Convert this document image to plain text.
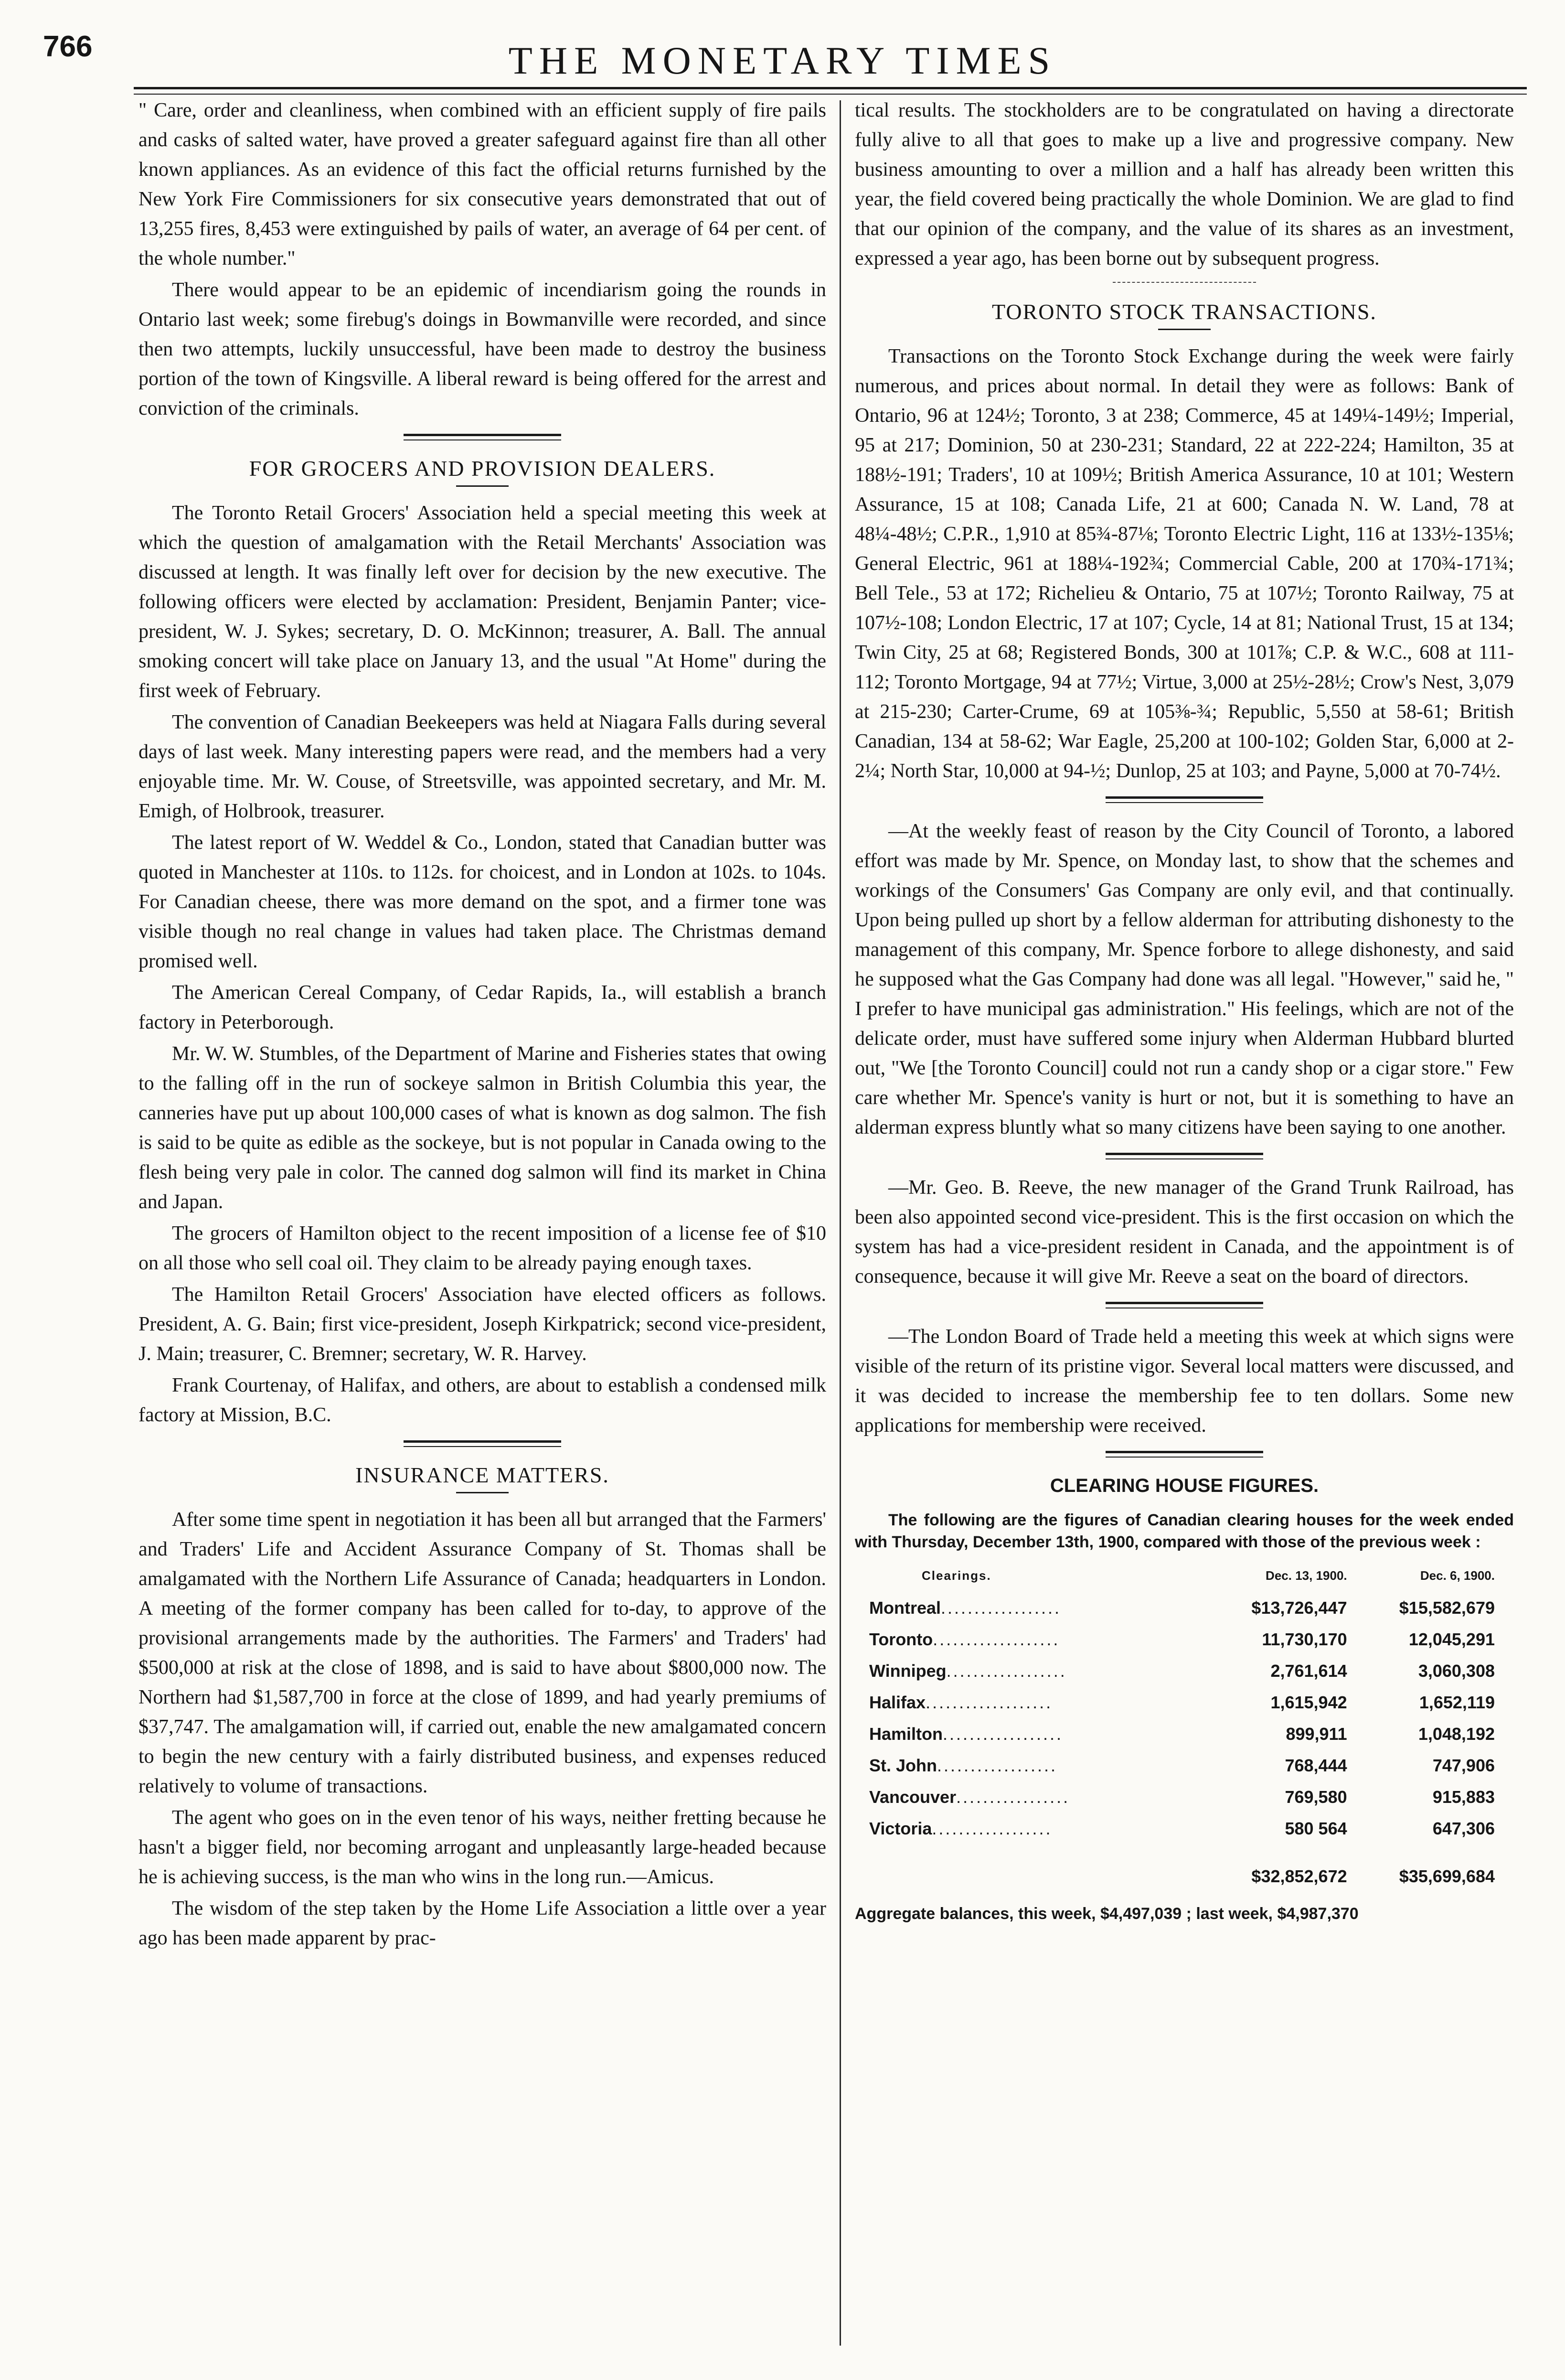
766	THE MONETARY TIMES

" Care, order and cleanliness, when combined with an efficient supply of fire pails and casks of salted water, have proved a greater safeguard against fire than all other known appliances. As an evidence of this fact the official returns furnished by the New York Fire Commissioners for six consecutive years demonstrated that out of 13,255 fires, 8,453 were extinguished by pails of water, an average of 64 per cent. of the whole number."

There would appear to be an epidemic of incendiarism going the rounds in Ontario last week; some firebug's doings in Bowmanville were recorded, and since then two attempts, luckily unsuccessful, have been made to destroy the business portion of the town of Kingsville. A liberal reward is being offered for the arrest and conviction of the criminals.

FOR GROCERS AND PROVISION DEALERS.

The Toronto Retail Grocers' Association held a special meeting this week at which the question of amalgamation with the Retail Merchants' Association was discussed at length. It was finally left over for decision by the new executive. The following officers were elected by acclamation: President, Benjamin Panter; vice-president, W. J. Sykes; secretary, D. O. McKinnon; treasurer, A. Ball. The annual smoking concert will take place on January 13, and the usual "At Home" during the first week of February.

The convention of Canadian Beekeepers was held at Niagara Falls during several days of last week. Many interesting papers were read, and the members had a very enjoyable time. Mr. W. Couse, of Streetsville, was appointed secretary, and Mr. M. Emigh, of Holbrook, treasurer.

The latest report of W. Weddel & Co., London, stated that Canadian butter was quoted in Manchester at 110s. to 112s. for choicest, and in London at 102s. to 104s. For Canadian cheese, there was more demand on the spot, and a firmer tone was visible though no real change in values had taken place. The Christmas demand promised well.

The American Cereal Company, of Cedar Rapids, Ia., will establish a branch factory in Peterborough.

Mr. W. W. Stumbles, of the Department of Marine and Fisheries states that owing to the falling off in the run of sockeye salmon in British Columbia this year, the canneries have put up about 100,000 cases of what is known as dog salmon. The fish is said to be quite as edible as the sockeye, but is not popular in Canada owing to the flesh being very pale in color. The canned dog salmon will find its market in China and Japan.

The grocers of Hamilton object to the recent imposition of a license fee of $10 on all those who sell coal oil. They claim to be already paying enough taxes.

The Hamilton Retail Grocers' Association have elected officers as follows. President, A. G. Bain; first vice-president, Joseph Kirkpatrick; second vice-president, J. Main; treasurer, C. Bremner; secretary, W. R. Harvey.

Frank Courtenay, of Halifax, and others, are about to establish a condensed milk factory at Mission, B.C.

INSURANCE MATTERS.

After some time spent in negotiation it has been all but arranged that the Farmers' and Traders' Life and Accident Assurance Company of St. Thomas shall be amalgamated with the Northern Life Assurance of Canada; headquarters in London. A meeting of the former company has been called for to-day, to approve of the provisional arrangements made by the authorities. The Farmers' and Traders' had $500,000 at risk at the close of 1898, and is said to have about $800,000 now. The Northern had $1,587,700 in force at the close of 1899, and had yearly premiums of $37,747. The amalgamation will, if carried out, enable the new amalgamated concern to begin the new century with a fairly distributed business, and expenses reduced relatively to volume of transactions.

The agent who goes on in the even tenor of his ways, neither fretting because he hasn't a bigger field, nor becoming arrogant and unpleasantly large-headed because he is achieving success, is the man who wins in the long run.—Amicus.

The wisdom of the step taken by the Home Life Association a little over a year ago has been made apparent by prac-

tical results. The stockholders are to be congratulated on having a directorate fully alive to all that goes to make up a live and progressive company. New business amounting to over a million and a half has already been written this year, the field covered being practically the whole Dominion. We are glad to find that our opinion of the company, and the value of its shares as an investment, expressed a year ago, has been borne out by subsequent progress.

TORONTO STOCK TRANSACTIONS.

Transactions on the Toronto Stock Exchange during the week were fairly numerous, and prices about normal. In detail they were as follows: Bank of Ontario, 96 at 124½; Toronto, 3 at 238; Commerce, 45 at 149¼-149½; Imperial, 95 at 217; Dominion, 50 at 230-231; Standard, 22 at 222-224; Hamilton, 35 at 188½-191; Traders', 10 at 109½; British America Assurance, 10 at 101; Western Assurance, 15 at 108; Canada Life, 21 at 600; Canada N. W. Land, 78 at 48¼-48½; C.P.R., 1,910 at 85¾-87⅛; Toronto Electric Light, 116 at 133½-135⅛; General Electric, 961 at 188¼-192¾; Commercial Cable, 200 at 170¾-171¾; Bell Tele., 53 at 172; Richelieu & Ontario, 75 at 107½; Toronto Railway, 75 at 107½-108; London Electric, 17 at 107; Cycle, 14 at 81; National Trust, 15 at 134; Twin City, 25 at 68; Registered Bonds, 300 at 101⅞; C.P. & W.C., 608 at 111-112; Toronto Mortgage, 94 at 77½; Virtue, 3,000 at 25½-28½; Crow's Nest, 3,079 at 215-230; Carter-Crume, 69 at 105⅜-¾; Republic, 5,550 at 58-61; British Canadian, 134 at 58-62; War Eagle, 25,200 at 100-102; Golden Star, 6,000 at 2-2¼; North Star, 10,000 at 94-½; Dunlop, 25 at 103; and Payne, 5,000 at 70-74½.

—At the weekly feast of reason by the City Council of Toronto, a labored effort was made by Mr. Spence, on Monday last, to show that the schemes and workings of the Consumers' Gas Company are only evil, and that continually. Upon being pulled up short by a fellow alderman for attributing dishonesty to the management of this company, Mr. Spence forbore to allege dishonesty, and said he supposed what the Gas Company had done was all legal. "However," said he, " I prefer to have municipal gas administration." His feelings, which are not of the delicate order, must have suffered some injury when Alderman Hubbard blurted out, "We [the Toronto Council] could not run a candy shop or a cigar store." Few care whether Mr. Spence's vanity is hurt or not, but it is something to have an alderman express bluntly what so many citizens have been saying to one another.

—Mr. Geo. B. Reeve, the new manager of the Grand Trunk Railroad, has been also appointed second vice-president. This is the first occasion on which the system has had a vice-president resident in Canada, and the appointment is of consequence, because it will give Mr. Reeve a seat on the board of directors.

—The London Board of Trade held a meeting this week at which signs were visible of the return of its pristine vigor. Several local matters were discussed, and it was decided to increase the membership fee to ten dollars. Some new applications for membership were received.

CLEARING HOUSE FIGURES.

The following are the figures of Canadian clearing houses for the week ended with Thursday, December 13th, 1900, compared with those of the previous week :

Clearings.	Dec. 13, 1900.	Dec. 6, 1900.
Montreal..................	$13,726,447	$15,582,679
Toronto...................	11,730,170	12,045,291
Winnipeg..................	2,761,614	3,060,308
Halifax...................	1,615,942	1,652,119
Hamilton..................	899,911	1,048,192
St. John..................	768,444	747,906
Vancouver.................	769,580	915,883
Victoria..................	580 564	647,306
	$32,852,672	$35,699,684
Aggregate balances, this week, $4,497,039 ; last week, $4,987,370
